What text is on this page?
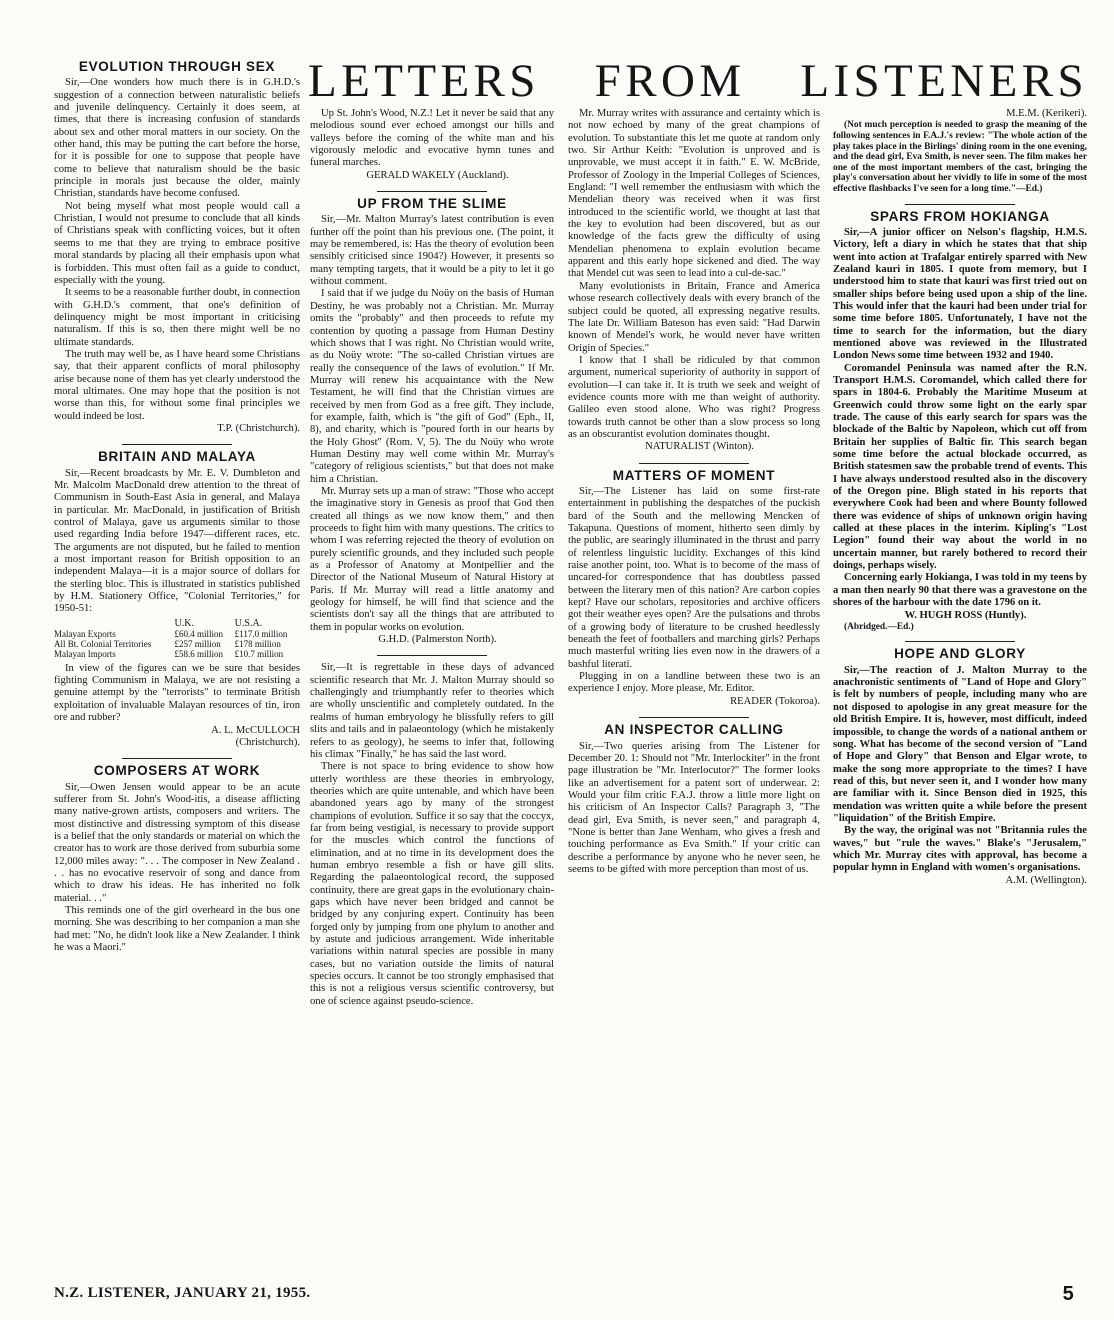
LETTERS FROM LISTENERS
EVOLUTION THROUGH SEX

Sir,—One wonders how much there is in G.H.D.'s suggestion of a connection between naturalistic beliefs and juvenile delinquency. Certainly it does seem, at times, that there is increasing confusion of standards about sex and other moral matters in our society. On the other hand, this may be putting the cart before the horse, for it is possible for one to suppose that people have come to believe that naturalism should be the basic principle in morals just because the older, mainly Christian, standards have become confused.

Not being myself what most people would call a Christian, I would not presume to conclude that all kinds of Christians speak with conflicting voices, but it often seems to me that they are trying to embrace positive moral standards by placing all their emphasis upon what is forbidden. This must often fail as a guide to conduct, especially with the young.

It seems to be a reasonable further doubt, in connection with G.H.D.'s comment, that one's definition of delinquency might be most important in criticising naturalism. If this is so, then there might well be no ultimate standards.

The truth may well be, as I have heard some Christians say, that their apparent conflicts of moral philosophy arise because none of them has yet clearly understood the moral ultimates. One may hope that the position is not worse than this, for without some final principles we would indeed be lost.

T.P. (Christchurch).

BRITAIN AND MALAYA

Sir,—Recent broadcasts by Mr. E. V. Dumbleton and Mr. Malcolm MacDonald drew attention to the threat of Communism in South-East Asia in general, and Malaya in particular. Mr. MacDonald, in justification of British control of Malaya, gave us arguments similar to those used regarding India before 1947—different races, etc. The arguments are not disputed, but he failed to mention a most important reason for British opposition to an independent Malaya—it is a major source of dollars for the sterling bloc. This is illustrated in statistics published by H.M. Stationery Office, "Colonial Territories," for 1950-51:

	U.K.	U.S.A.
Malayan Exports	£60.4 million	£117.0 million
All Bt. Colonial Territories	£257 million	£178 million
Malayan Imports	£58.6 million	£10.7 million

In view of the figures can we be sure that besides fighting Communism in Malaya, we are not resisting a genuine attempt by the "terrorists" to terminate British exploitation of invaluable Malayan resources of tin, iron ore and rubber?

A. L. McCULLOCH

(Christchurch).

COMPOSERS AT WORK

Sir,—Owen Jensen would appear to be an acute sufferer from St. John's Wood-itis, a disease afflicting many native-grown artists, composers and writers. The most distinctive and distressing symptom of this disease is a belief that the only standards or material on which the creator has to work are those derived from suburbia some 12,000 miles away: ". . . The composer in New Zealand . . . has no evocative reservoir of song and dance from which to draw his ideas. He has inherited no folk material. . ."

This reminds one of the girl overheard in the bus one morning. She was describing to her companion a man she had met: "No, he didn't look like a New Zealander. I think he was a Maori."

Up St. John's Wood, N.Z.! Let it never be said that any melodious sound ever echoed amongst our hills and valleys before the coming of the white man and his vigorously melodic and evocative hymn tunes and funeral marches.

GERALD WAKELY (Auckland).

UP FROM THE SLIME

Sir,—Mr. Malton Murray's latest contribution is even further off the point than his previous one. (The point, it may be remembered, is: Has the theory of evolution been sensibly criticised since 1904?) However, it presents so many tempting targets, that it would be a pity to let it go without comment.

I said that if we judge du Noüy on the basis of Human Destiny, he was probably not a Christian. Mr. Murray omits the "probably" and then proceeds to refute my contention by quoting a passage from Human Destiny which shows that I was right. No Christian would write, as du Noüy wrote: "The so-called Christian virtues are really the consequence of the laws of evolution." If Mr. Murray will renew his acquaintance with the New Testament, he will find that the Christian virtues are received by men from God as a free gift. They include, for example, faith, which is "the gift of God" (Eph., II, 8), and charity, which is "poured forth in our hearts by the Holy Ghost" (Rom. V, 5). The du Noüy who wrote Human Destiny may well come within Mr. Murray's "category of religious scientists," but that does not make him a Christian.

Mr. Murray sets up a man of straw: "Those who accept the imaginative story in Genesis as proof that God then created all things as we now know them," and then proceeds to fight him with many questions. The critics to whom I was referring rejected the theory of evolution on purely scientific grounds, and they included such people as a Professor of Anatomy at Montpellier and the Director of the National Museum of Natural History at Paris. If Mr. Murray will read a little anatomy and geology for himself, he will find that science and the scientists don't say all the things that are attributed to them in popular works on evolution.

G.H.D. (Palmerston North).

Sir,—It is regrettable in these days of advanced scientific research that Mr. J. Malton Murray should so challengingly and triumphantly refer to theories which are wholly unscientific and completely outdated. In the realms of human embryology he blissfully refers to gill slits and tails and in palaeontology (which he mistakenly refers to as geology), he seems to infer that, following his climax "Finally," he has said the last word.

There is not space to bring evidence to show how utterly worthless are these theories in embryology, theories which are quite untenable, and which have been abandoned years ago by many of the strongest champions of evolution. Suffice it so say that the coccyx, far from being vestigial, is necessary to provide support for the muscles which control the functions of elimination, and at no time in its development does the human embryo resemble a fish or have gill slits. Regarding the palaeontological record, the supposed continuity, there are great gaps in the evolutionary chain-gaps which have never been bridged and cannot be bridged by any conjuring expert. Continuity has been forged only by jumping from one phylum to another and by astute and judicious arrangement. Wide inheritable variations within natural species are possible in many cases, but no variation outside the limits of natural species occurs. It cannot be too strongly emphasised that this is not a religious versus scientific controversy, but one of science against pseudo-science.

Mr. Murray writes with assurance and certainty which is not now echoed by many of the great champions of evolution. To substantiate this let me quote at random only two. Sir Arthur Keith: "Evolution is unproved and is unprovable, we must accept it in faith." E. W. McBride, Professor of Zoology in the Imperial Colleges of Sciences, England: "I well remember the enthusiasm with which the Mendelian theory was received when it was first introduced to the scientific world, we thought at last that the key to evolution had been discovered, but as our knowledge of the facts grew the difficulty of using Mendelian phenomena to explain evolution became apparent and this early hope sickened and died. The way that Mendel cut was seen to lead into a cul-de-sac."

Many evolutionists in Britain, France and America whose research collectively deals with every branch of the subject could be quoted, all expressing negative results. The late Dr. William Bateson has even said: "Had Darwin known of Mendel's work, he would never have written Origin of Species."

I know that I shall be ridiculed by that common argument, numerical superiority of authority in support of evolution—I can take it. It is truth we seek and weight of evidence counts more with me than weight of authority. Galileo even stood alone. Who was right? Progress towards truth cannot be other than a slow process so long as an obscurantist evolution dominates thought.

NATURALIST (Winton).

MATTERS OF MOMENT

Sir,—The Listener has laid on some first-rate entertainment in publishing the despatches of the puckish bard of the South and the mellowing Mencken of Takapuna. Questions of moment, hitherto seen dimly by the public, are searingly illuminated in the thrust and parry of relentless linguistic lucidity. Exchanges of this kind raise another point, too. What is to become of the mass of uncared-for correspondence that has doubtless passed between the literary men of this nation? Are carbon copies kept? Have our scholars, repositories and archive officers got their weather eyes open? Are the pulsations and throbs of a growing body of literature to be crushed heedlessly beneath the feet of footballers and marching girls? Perhaps much masterful writing lies even now in the drawers of a bashful literati.

Plugging in on a landline between these two is an experience I enjoy. More please, Mr. Editor.

READER (Tokoroa).

AN INSPECTOR CALLING

Sir,—Two queries arising from The Listener for December 20. 1: Should not "Mr. Interlockiter" in the front page illustration be "Mr. Interlocutor?" The former looks like an advertisement for a patent sort of underwear. 2: Would your film critic F.A.J. throw a little more light on his criticism of An Inspector Calls? Paragraph 3, "The dead girl, Eva Smith, is never seen," and paragraph 4, "None is better than Jane Wenham, who gives a fresh and touching performance as Eva Smith." If your critic can describe a performance by anyone who he never seen, he seems to be gifted with more perception than most of us.

M.E.M. (Kerikeri).

(Not much perception is needed to grasp the meaning of the following sentences in F.A.J.'s review: "The whole action of the play takes place in the Birlings' dining room in the one evening, and the dead girl, Eva Smith, is never seen. The film makes her one of the most important members of the cast, bringing the play's conversation about her vividly to life in some of the most effective flashbacks I've seen for a long time."—Ed.)

SPARS FROM HOKIANGA

Sir,—A junior officer on Nelson's flagship, H.M.S. Victory, left a diary in which he states that that ship went into action at Trafalgar entirely sparred with New Zealand kauri in 1805. I quote from memory, but I understood him to state that kauri was first tried out on smaller ships before being used upon a ship of the line. This would infer that the kauri had been under trial for some time before 1805. Unfortunately, I have not the time to search for the information, but the diary mentioned above was reviewed in the Illustrated London News some time between 1932 and 1940.

Coromandel Peninsula was named after the R.N. Transport H.M.S. Coromandel, which called there for spars in 1804-6. Probably the Maritime Museum at Greenwich could throw some light on the early spar trade. The cause of this early search for spars was the blockade of the Baltic by Napoleon, which cut off from Britain her supplies of Baltic fir. This search began some time before the actual blockade occurred, as British statesmen saw the probable trend of events. This I have always understood resulted also in the discovery of the Oregon pine. Bligh stated in his reports that everywhere Cook had been and where Bounty followed there was evidence of ships of unknown origin having called at these places in the interim. Kipling's "Lost Legion" found their way about the world in no uncertain manner, but rarely bothered to record their doings, perhaps wisely.

Concerning early Hokianga, I was told in my teens by a man then nearly 90 that there was a gravestone on the shores of the harbour with the date 1796 on it.

W. HUGH ROSS (Huntly).

(Abridged.—Ed.)

HOPE AND GLORY

Sir,—The reaction of J. Malton Murray to the anachronistic sentiments of "Land of Hope and Glory" is felt by numbers of people, including many who are not disposed to apologise in any great measure for the old British Empire. It is, however, most difficult, indeed impossible, to change the words of a national anthem or song. What has become of the second version of "Land of Hope and Glory" that Benson and Elgar wrote, to make the song more appropriate to the times? I have read of this, but never seen it, and I wonder how many are familiar with it. Since Benson died in 1925, this mendation was written quite a while before the present "liquidation" of the British Empire.

By the way, the original was not "Britannia rules the waves," but "rule the waves." Blake's "Jerusalem," which Mr. Murray cites with approval, has become a popular hymn in England with women's organisations.

A.M. (Wellington).

N.Z. LISTENER, JANUARY 21, 1955.	5
